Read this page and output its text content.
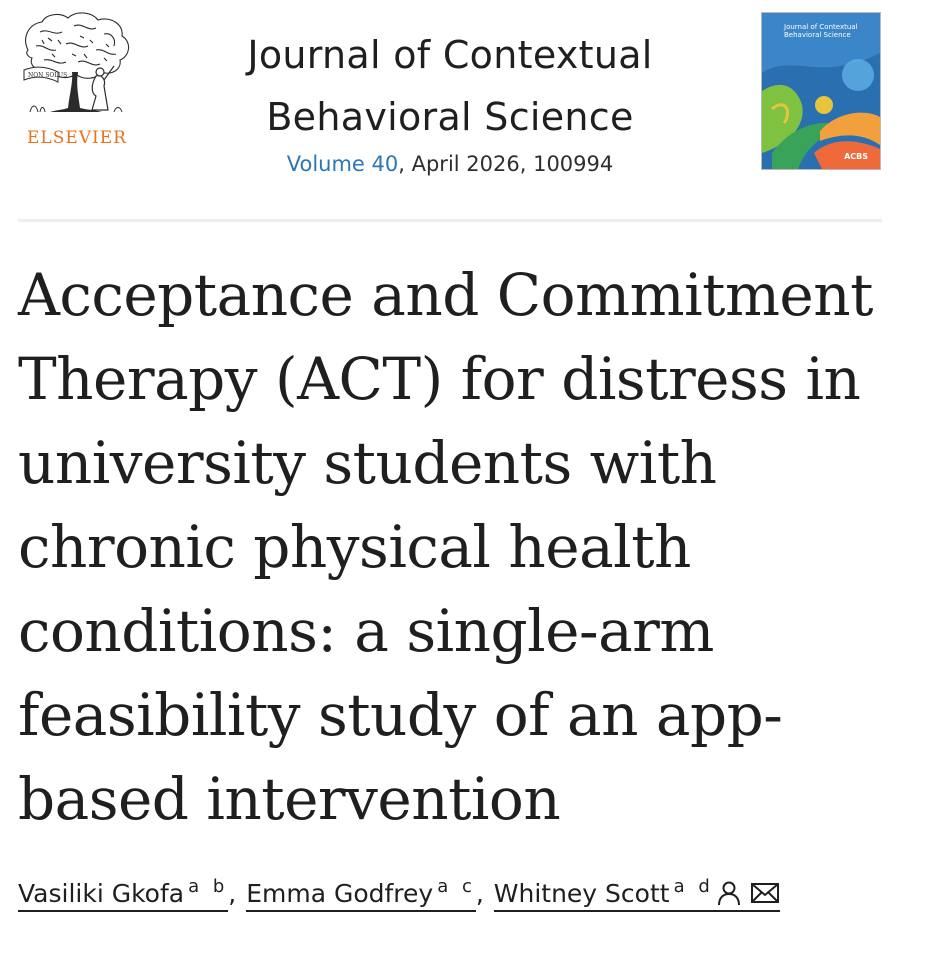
NON SOLUS
ELSEVIER
Journal of Contextual
Behavioral Science
Volume 40, April 2026, 100994
Journal of Contextual Behavioral Science
ACBS
Acceptance and Commitment Therapy (ACT) for distress in university students with chronic physical health conditions: a single-arm feasibility study of an app-based intervention
Vasiliki Gkofa $^{a b}$, Emma Godfrey $^{a c}$, Whitney Scott $^{a d}$
